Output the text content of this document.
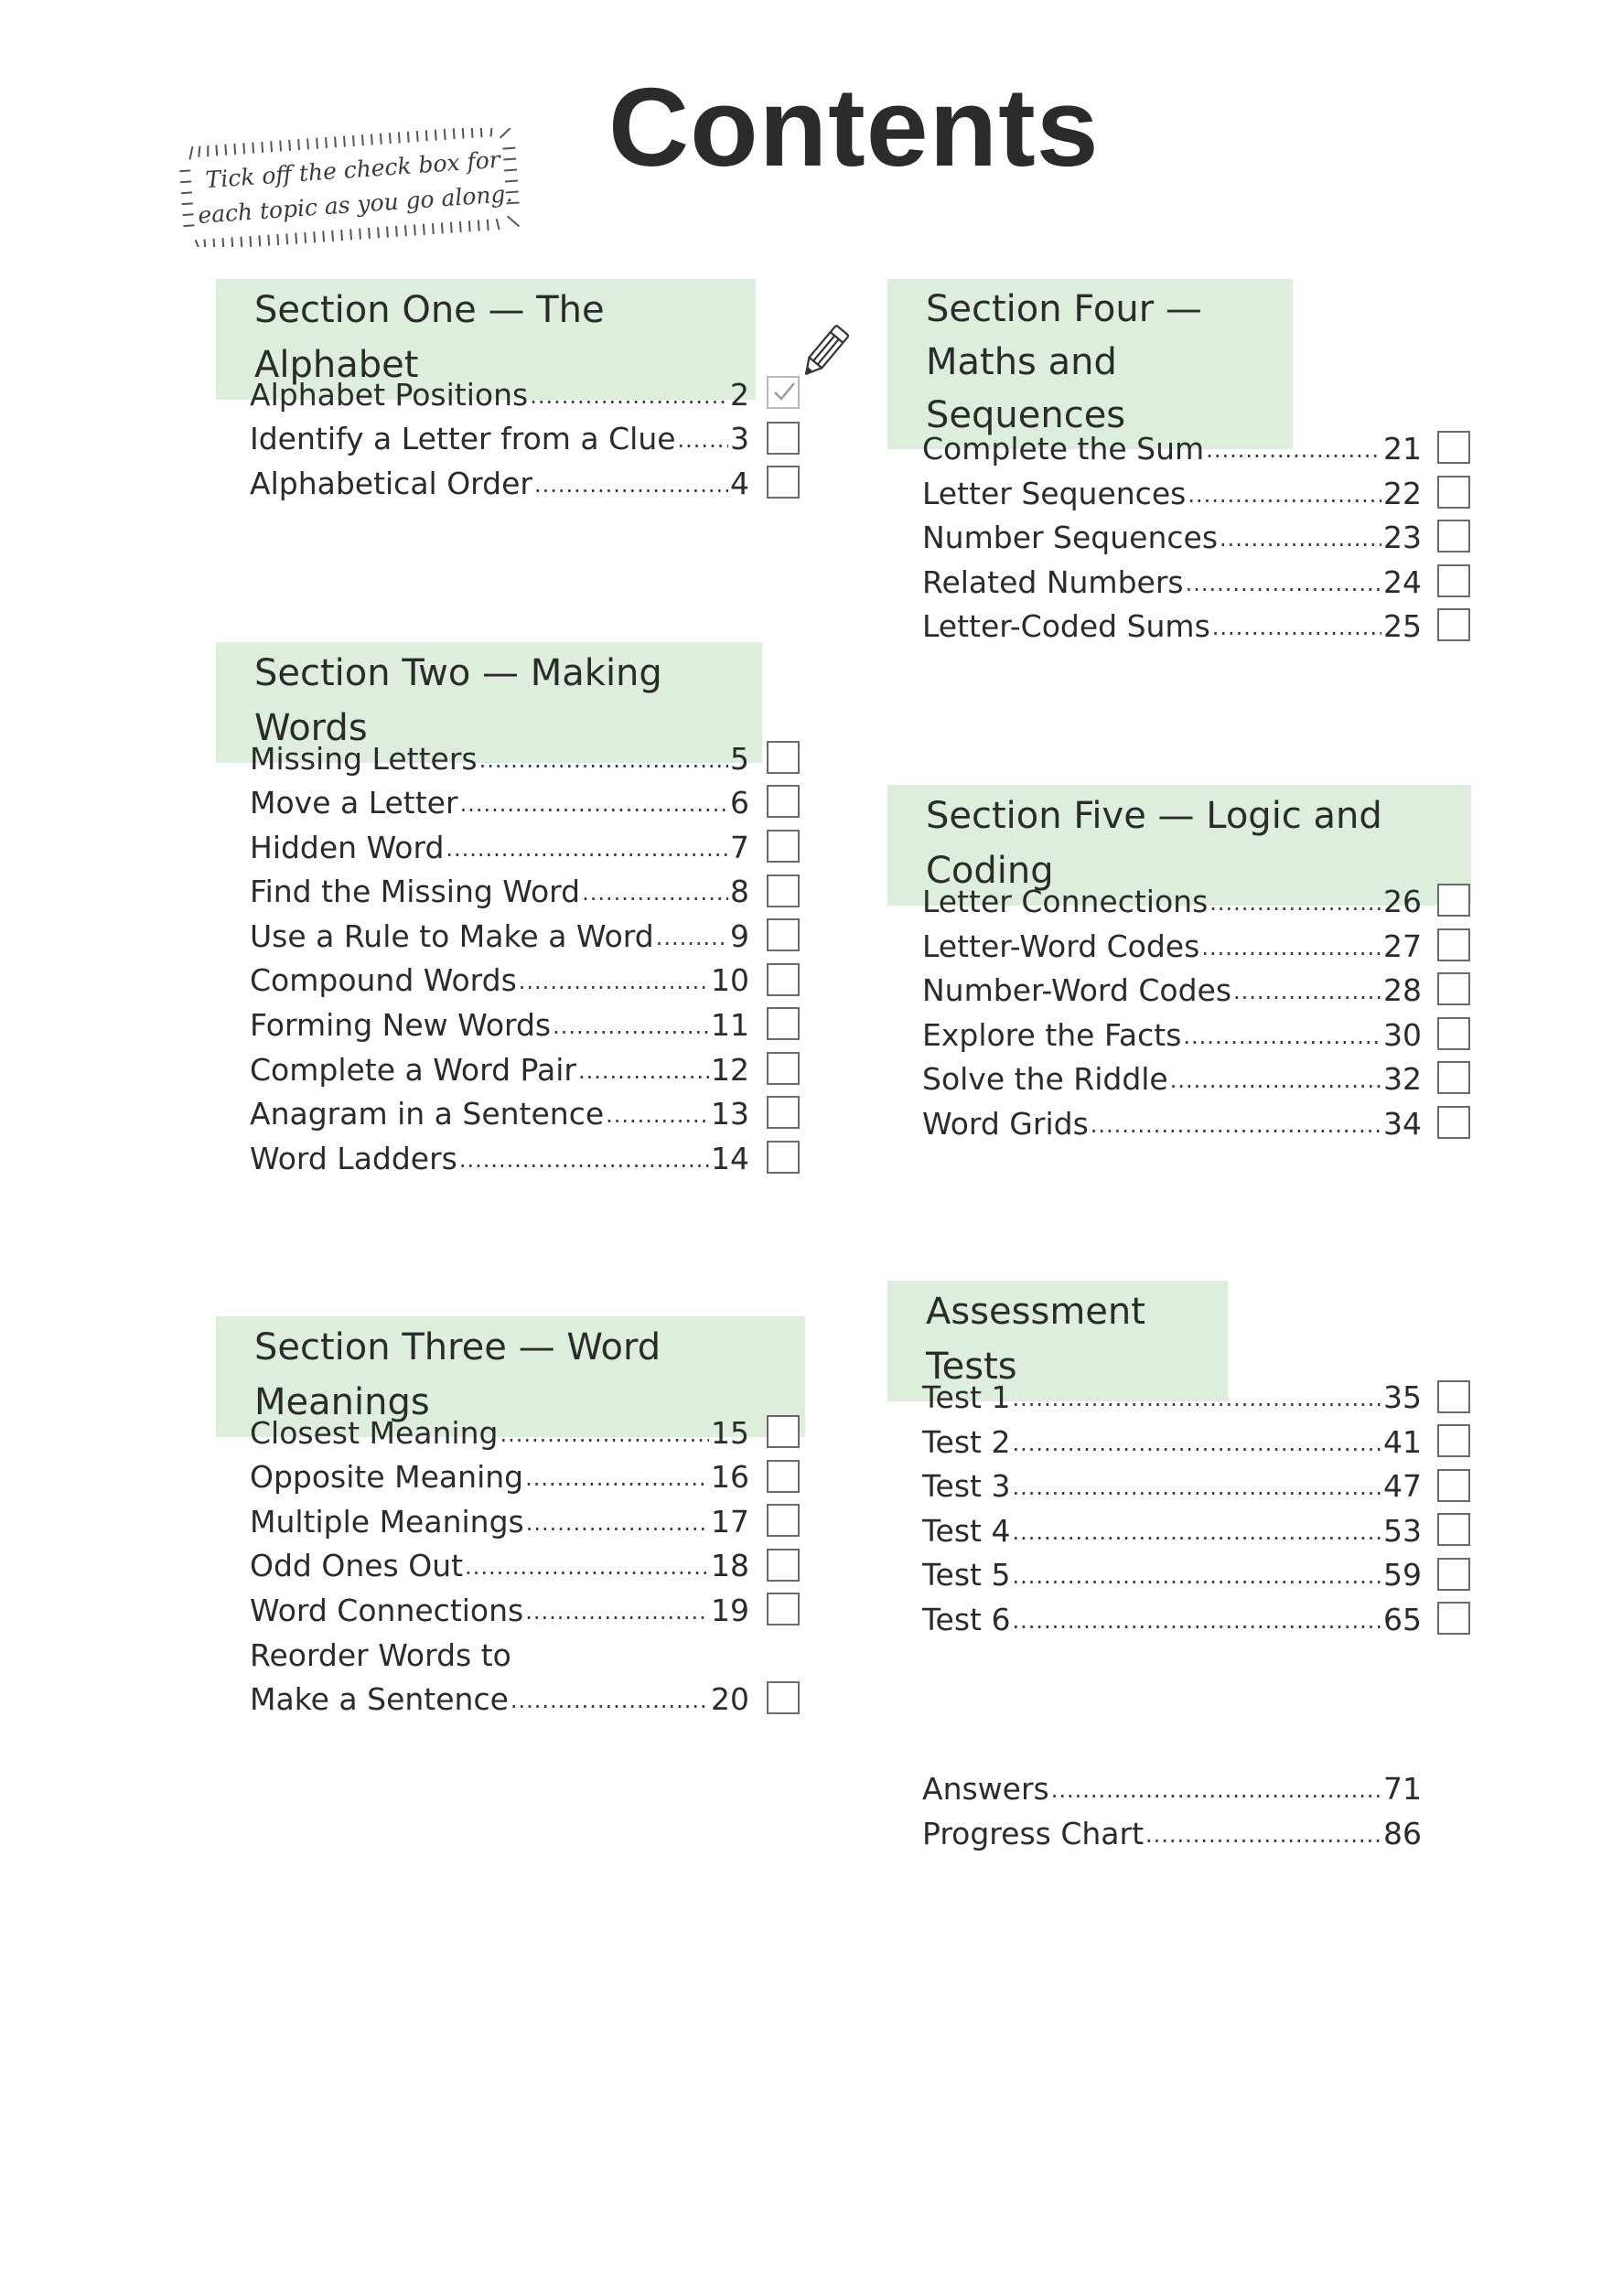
Contents
Tick off the check box for
each topic as you go along.
Section One — The Alphabet
Alphabet Positions .....	2
Identify a Letter from a Clue ..... 3
Alphabetical Order .....	4
Section Two — Making Words
Missing Letters .....	5
Move a Letter .....	6
Hidden Word .....	7
Find the Missing Word .....	8
Use a Rule to Make a Word .....	9
Compound Words .....	10
Forming New Words .....	11
Complete a Word Pair .....	12
Anagram in a Sentence .....	13
Word Ladders .....	14
Section Three — Word Meanings
Closest Meaning .....	15
Opposite Meaning .....	16
Multiple Meanings .....	17
Odd Ones Out .....	18
Word Connections .....	19
Reorder Words to
Make a Sentence .....	20
Section Four —
Maths and Sequences
Complete the Sum .....	21
Letter Sequences .....	22
Number Sequences .....	23
Related Numbers .....	24
Letter-Coded Sums .....	25
Section Five — Logic and Coding
Letter Connections .....	26
Letter-Word Codes .....	27
Number-Word Codes .....	28
Explore the Facts .....	30
Solve the Riddle .....	32
Word Grids .....	34
Assessment Tests
Test 1 .....	35
Test 2 .....	41
Test 3 .....	47
Test 4 .....	53
Test 5 .....	59
Test 6 .....	65
Answers .....	71
Progress Chart .....	86
